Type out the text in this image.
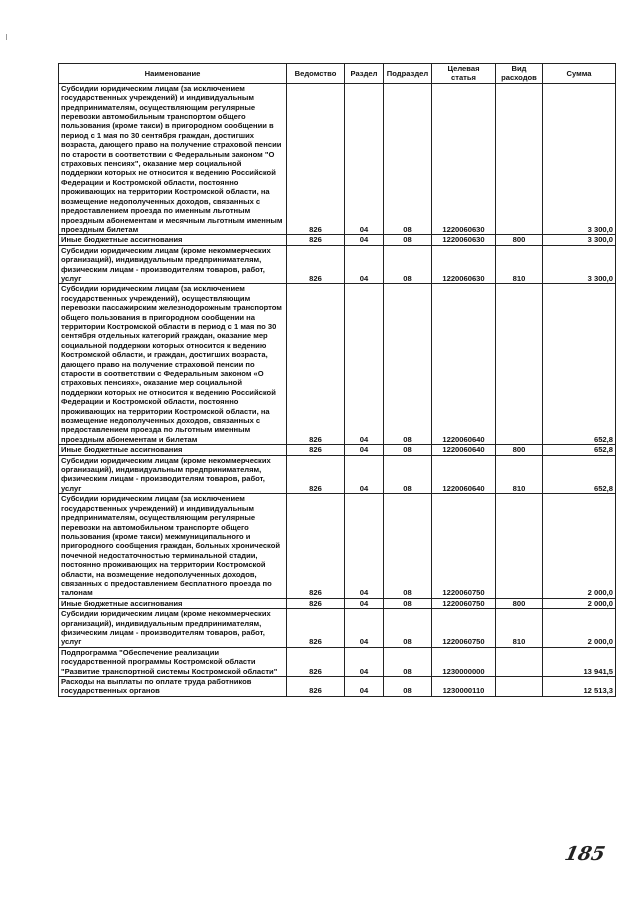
Наименование	Ведомство	Раздел	Подраздел	Целевая статья	Вид расходов	Сумма
Субсидии юридическим лицам (за исключением государственных учреждений) и индивидуальным предпринимателям, осуществляющим регулярные перевозки автомобильным транспортом общего пользования (кроме такси) в пригородном сообщении в период с 1 мая по 30 сентября граждан, достигших возраста, дающего право на получение страховой пенсии по старости в соответствии с Федеральным законом "О страховых пенсиях", оказание мер социальной поддержки которых не относится к ведению Российской Федерации и Костромской области, постоянно проживающих на территории Костромской области, на возмещение недополученных доходов, связанных с предоставлением проезда по именным льготным проездным абонементам и месячным льготным именным проездным билетам	826	04	08	1220060630		3 300,0
Иные бюджетные ассигнования	826	04	08	1220060630	800	3 300,0
Субсидии юридическим лицам (кроме некоммерческих организаций), индивидуальным предпринимателям, физическим лицам - производителям товаров, работ, услуг	826	04	08	1220060630	810	3 300,0
Субсидии юридическим лицам (за исключением государственных учреждений), осуществляющим перевозки пассажирским железнодорожным транспортом общего пользования в пригородном сообщении на территории Костромской области в период с 1 мая по 30 сентября отдельных категорий граждан, оказание мер социальной поддержки которых относится к ведению Костромской области, и граждан, достигших возраста, дающего право на получение страховой пенсии по старости в соответствии с Федеральным законом «О страховых пенсиях», оказание мер социальной поддержки которых не относится к ведению Российской Федерации и Костромской области, постоянно проживающих на территории Костромской области, на возмещение недополученных доходов, связанных с предоставлением проезда по льготным именным проездным абонементам и билетам	826	04	08	1220060640		652,8
Иные бюджетные ассигнования	826	04	08	1220060640	800	652,8
Субсидии юридическим лицам (кроме некоммерческих организаций), индивидуальным предпринимателям, физическим лицам - производителям товаров, работ, услуг	826	04	08	1220060640	810	652,8
Субсидии юридическим лицам (за исключением государственных учреждений) и индивидуальным предпринимателям, осуществляющим регулярные перевозки на автомобильном транспорте общего пользования (кроме такси) межмуниципального и пригородного сообщения граждан, больных хронической почечной недостаточностью терминальной стадии, постоянно проживающих на территории Костромской области, на возмещение недополученных доходов, связанных с предоставлением бесплатного проезда по талонам	826	04	08	1220060750		2 000,0
Иные бюджетные ассигнования	826	04	08	1220060750	800	2 000,0
Субсидии юридическим лицам (кроме некоммерческих организаций), индивидуальным предпринимателям, физическим лицам - производителям товаров, работ, услуг	826	04	08	1220060750	810	2 000,0
Подпрограмма "Обеспечение реализации государственной программы Костромской области "Развитие транспортной системы Костромской области"	826	04	08	1230000000		13 941,5
Расходы на выплаты по оплате труда работников государственных органов	826	04	08	1230000110		12 513,3
185
